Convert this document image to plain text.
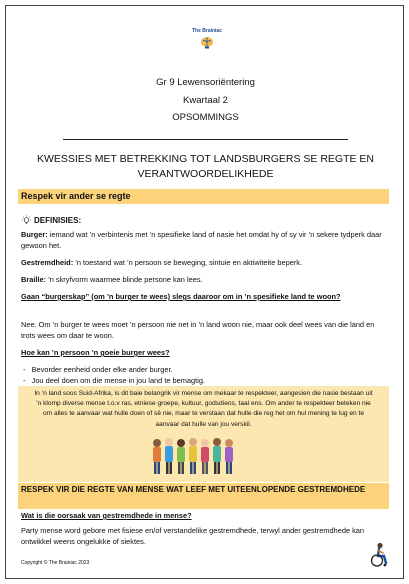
The Brainiac
Gr 9 Lewensoriëntering
Kwartaal 2
OPSOMMINGS
KWESSIES MET BETREKKING TOT LANDSBURGERS SE REGTE EN VERANTWOORDELIKHEDE
Respek vir ander se regte
DEFINISIES:
Burger: iemand wat ’n verbintenis met ’n spesifieke land of nasie het omdat hy of sy vir ’n sekere tydperk daar gewoon het.
Gestremdheid: ’n toestand wat ’n persoon se beweging, sintuie en aktiwiteite beperk.
Braille: ’n skryfvorm waarmee blinde persone kan lees.
Gaan “burgerskap” (om ’n burger te wees) slegs daaroor om in ’n spesifieke land te woon?
Nee. Om ’n burger te wees moet ’n persoon nie net in ’n land woon nie, maar ook deel wees van die land en trots wees om daar te woon.
Hoe kan ’n persoon ’n goeie burger wees?
-   Bevorder eenheid onder elke ander burger.
-   Jou deel doen om die mense in jou land te bemagtig.
In ’n land soos Suid-Afrika, is dit baie belangrik vir mense om mekaar te respekteer, aangesien die nasie bestaan uit ’n klomp diverse mense t.o.v ras, etniese groepe, kultuur, godsdiens, taal ens. Om ander te respekteer beteken nie om alles te aanvaar wat hulle doen of sê nie, maar te verstaan dat hulle die reg het om hul mening te lug en te aanvaar dat hulle van jou verskil.
RESPEK VIR DIE REGTE VAN MENSE WAT LEEF MET UITEENLOPENDE GESTREMDHEDE
Wat is die oorsaak van gestremdhede in mense?
Party mense word gebore met fisiese en/of verstandelike gestremdhede, terwyl ander gestremdhede kan ontwikkel weens ongelukke of siektes.
Copyright © The Brainiac 2023
